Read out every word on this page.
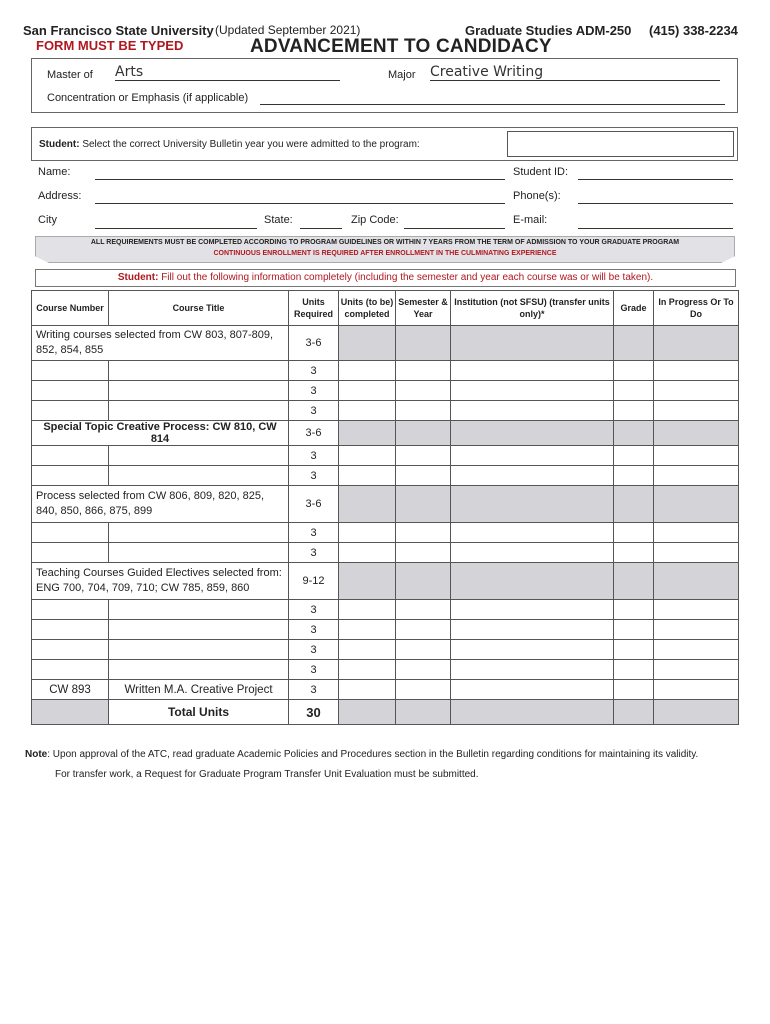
San Francisco State University (Updated September 2021)	Graduate Studies ADM-250 (415) 338-2234
FORM MUST BE TYPED	ADVANCEMENT TO CANDIDACY
Master of Arts	Major Creative Writing
Concentration or Emphasis (if applicable)
Student: Select the correct University Bulletin year you were admitted to the program:
Name:	Student ID:
Address:	Phone(s):
City	State:	Zip Code:	E-mail:
ALL REQUIREMENTS MUST BE COMPLETED ACCORDING TO PROGRAM GUIDELINES OR WITHIN 7 YEARS FROM THE TERM OF ADMISSION TO YOUR GRADUATE PROGRAM
CONTINUOUS ENROLLMENT IS REQUIRED AFTER ENROLLMENT IN THE CULMINATING EXPERIENCE
Student: Fill out the following information completely (including the semester and year each course was or will be taken).
Course Number	Course Title	Units Required	Units (to be) completed	Semester & Year	Institution (not SFSU) (transfer units only)*	Grade	In Progress Or To Do
Writing courses selected from CW 803, 807-809, 852, 854, 855		3-6					
		3					
		3					
		3					
Special Topic Creative Process: CW 810, CW 814		3-6					
		3					
		3					
Process selected from CW 806, 809, 820, 825, 840, 850, 866, 875, 899		3-6					
		3					
		3					
Teaching Courses Guided Electives selected from: ENG 700, 704, 709, 710; CW 785, 859, 860		9-12					
		3					
		3					
		3					
		3					
CW 893	Written M.A. Creative Project	3					
	Total Units	30					
Note: Upon approval of the ATC, read graduate Academic Policies and Procedures section in the Bulletin regarding conditions for maintaining its validity.
For transfer work, a Request for Graduate Program Transfer Unit Evaluation must be submitted.
